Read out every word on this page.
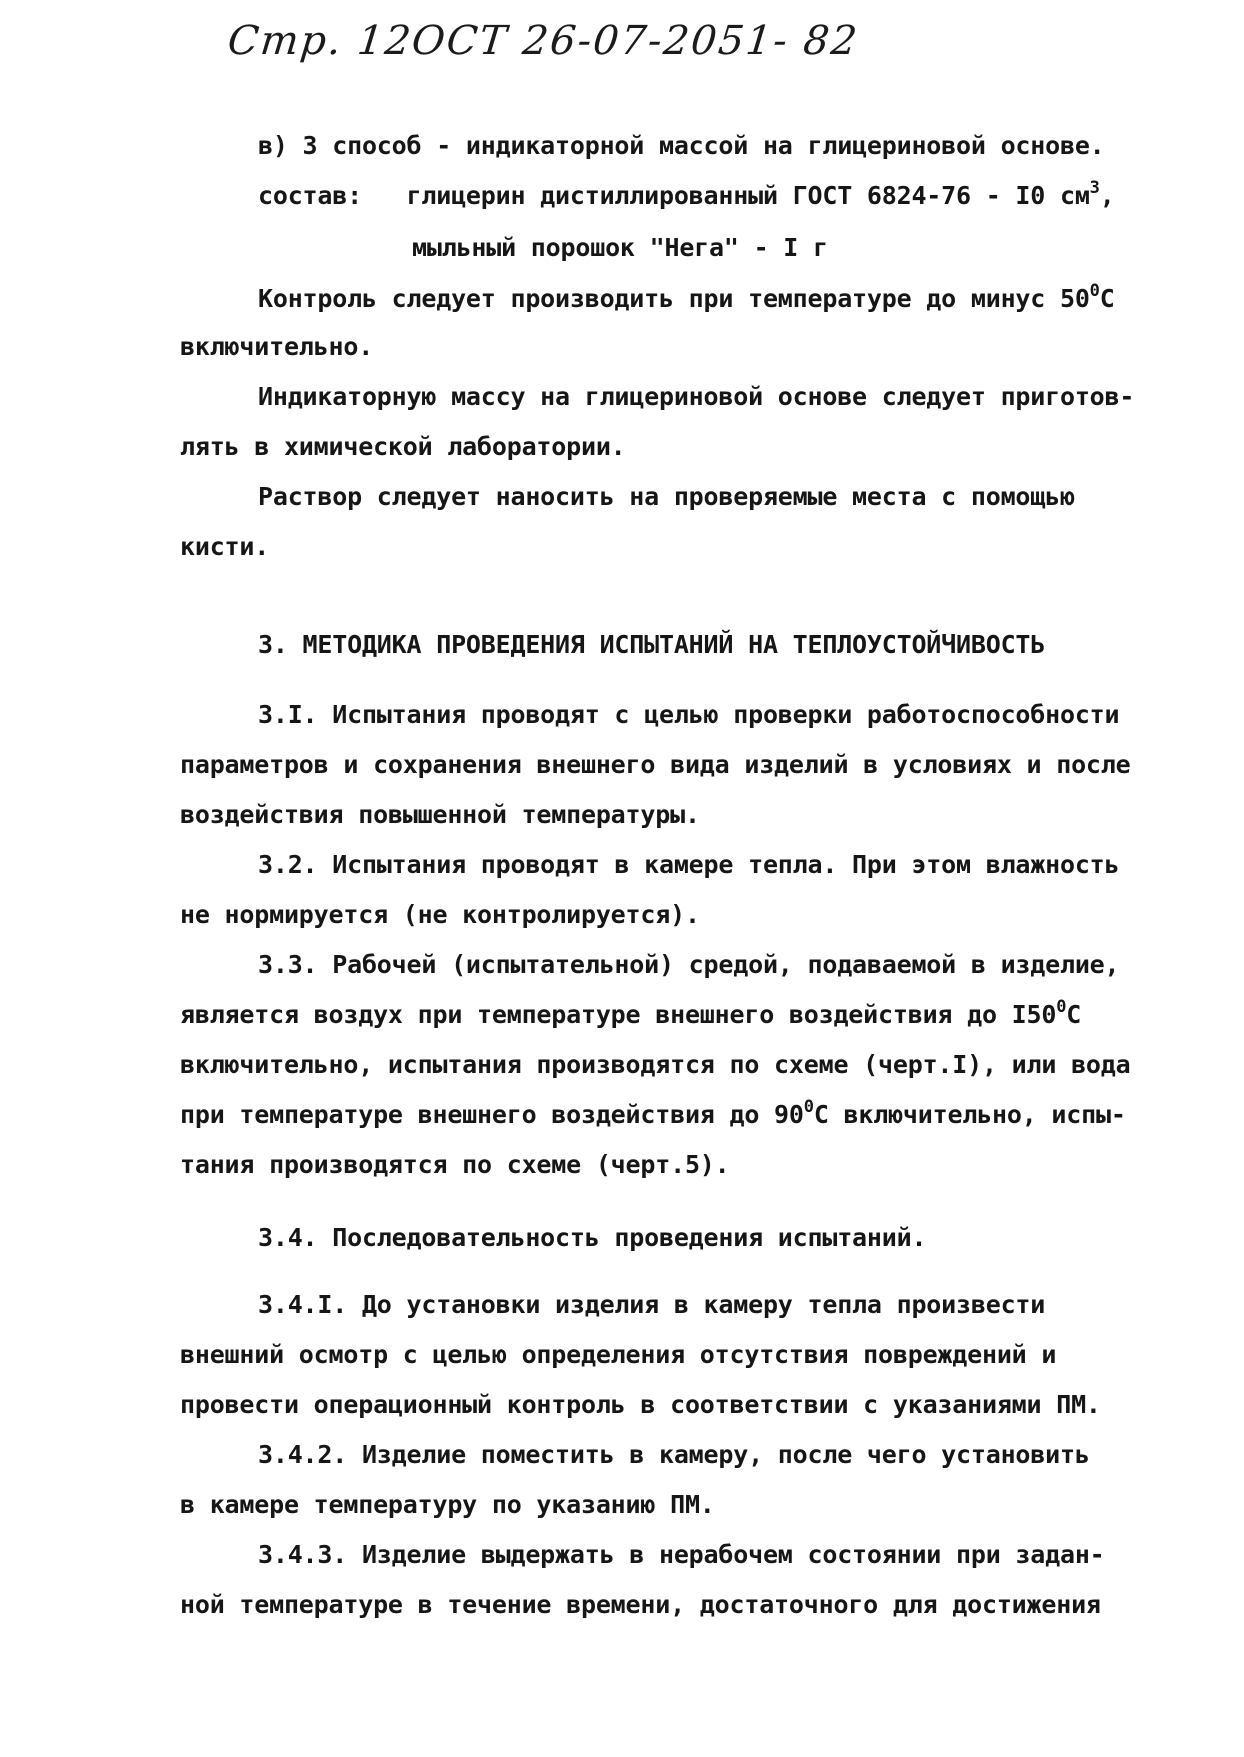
Стр. 12
ОСТ 26-07-2051- 82
в) 3 способ - индикаторной массой на глицериновой основе.
состав:   глицерин дистиллированный ГОСТ 6824-76 - I0 $см^3$,
мыльный порошок "Нега" - I г
Контроль следует производить при температуре до минус $50^0С$
включительно.
Индикаторную массу на глицериновой основе следует приготов-
лять в химической лаборатории.
Раствор следует наносить на проверяемые места с помощью
кисти.
3. МЕТОДИКА ПРОВЕДЕНИЯ ИСПЫТАНИЙ НА ТЕПЛОУСТОЙЧИВОСТЬ
3.I. Испытания проводят с целью проверки работоспособности
параметров и сохранения внешнего вида изделий в условиях и после
воздействия повышенной температуры.
3.2. Испытания проводят в камере тепла. При этом влажность
не нормируется (не контролируется).
3.3. Рабочей (испытательной) средой, подаваемой в изделие,
является воздух при температуре внешнего воздействия до $I50^0С$
включительно, испытания производятся по схеме (черт.I), или вода
при температуре внешнего воздействия до $90^0С$ включительно, испы-
тания производятся по схеме (черт.5).
3.4. Последовательность проведения испытаний.
3.4.I. До установки изделия в камеру тепла произвести
внешний осмотр с целью определения отсутствия повреждений и
провести операционный контроль в соответствии с указаниями ПМ.
3.4.2. Изделие поместить в камеру, после чего установить
в камере температуру по указанию ПМ.
3.4.3. Изделие выдержать в нерабочем состоянии при задан-
ной температуре в течение времени, достаточного для достижения
